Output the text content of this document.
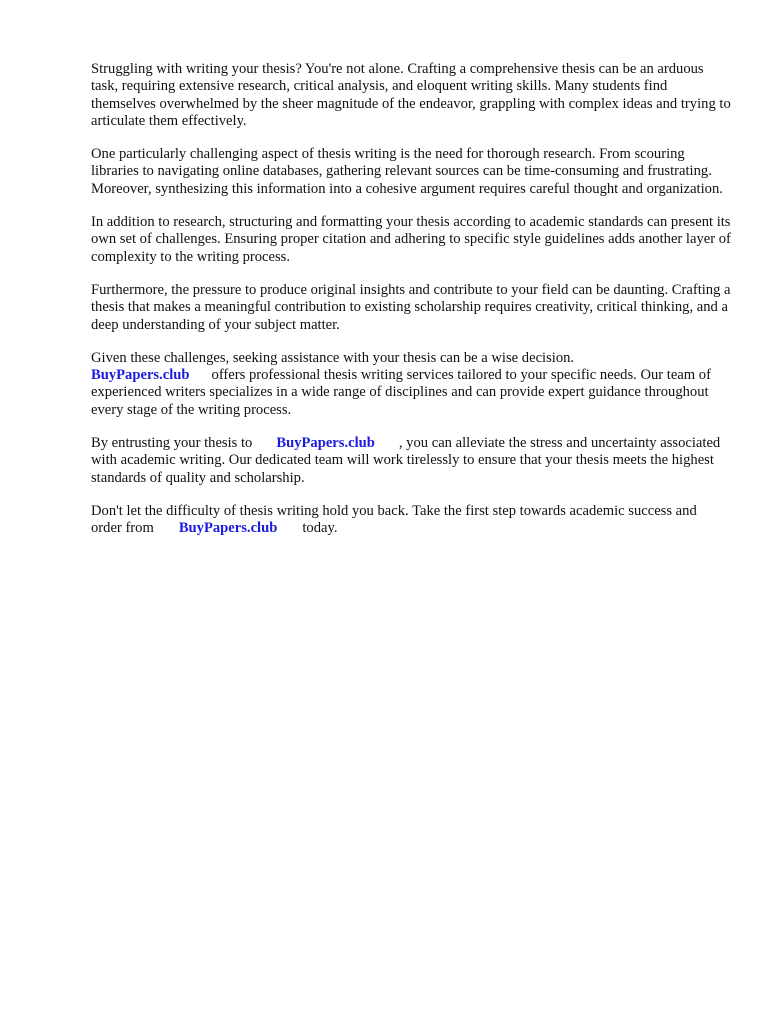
Struggling with writing your thesis? You're not alone. Crafting a comprehensive thesis can be an arduous task, requiring extensive research, critical analysis, and eloquent writing skills. Many students find themselves overwhelmed by the sheer magnitude of the endeavor, grappling with complex ideas and trying to articulate them effectively.

One particularly challenging aspect of thesis writing is the need for thorough research. From scouring libraries to navigating online databases, gathering relevant sources can be time-consuming and frustrating. Moreover, synthesizing this information into a cohesive argument requires careful thought and organization.

In addition to research, structuring and formatting your thesis according to academic standards can present its own set of challenges. Ensuring proper citation and adhering to specific style guidelines adds another layer of complexity to the writing process.

Furthermore, the pressure to produce original insights and contribute to your field can be daunting. Crafting a thesis that makes a meaningful contribution to existing scholarship requires creativity, critical thinking, and a deep understanding of your subject matter.

Given these challenges, seeking assistance with your thesis can be a wise decision.
BuyPapers.club offers professional thesis writing services tailored to your specific needs. Our team of experienced writers specializes in a wide range of disciplines and can provide expert guidance throughout every stage of the writing process.

By entrusting your thesis to BuyPapers.club , you can alleviate the stress and uncertainty associated with academic writing. Our dedicated team will work tirelessly to ensure that your thesis meets the highest standards of quality and scholarship.

Don't let the difficulty of thesis writing hold you back. Take the first step towards academic success and order from BuyPapers.club today.
